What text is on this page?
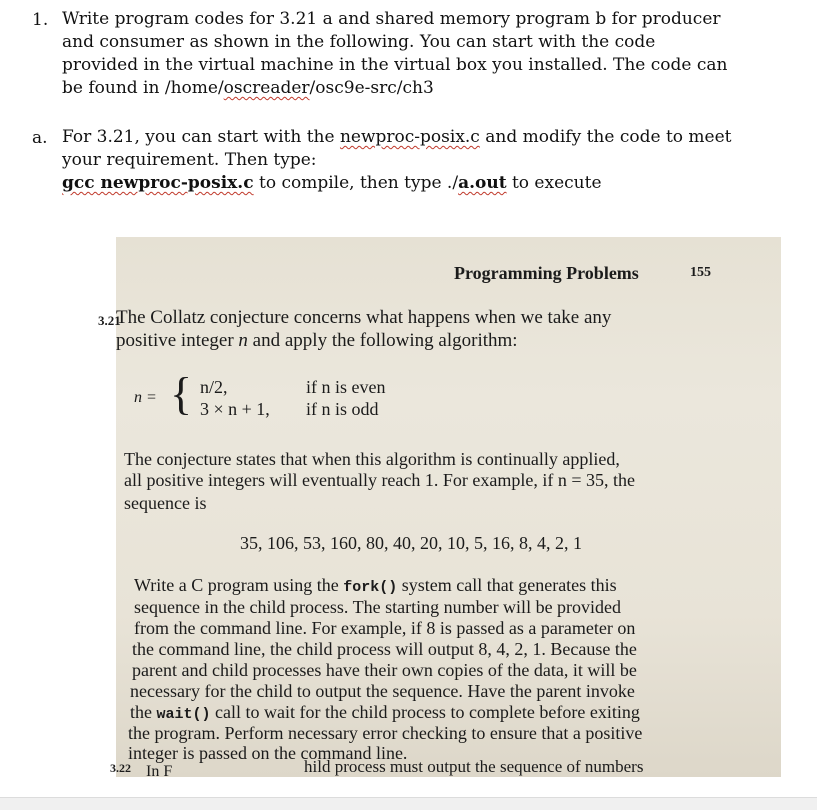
1. Write program codes for 3.21 a and shared memory program b for producer
and consumer as shown in the following. You can start with the code
provided in the virtual machine in the virtual box you installed. The code can
be found in /home/oscreader/osc9e-src/ch3
a. For 3.21, you can start with the newproc-posix.c and modify the code to meet
your requirement. Then type:
gcc newproc-posix.c to compile, then type ./a.out to execute
Programming Problems	155
3.21
The Collatz conjecture concerns what happens when we take any
positive integer n and apply the following algorithm:
n = { n/2,	if n is even
3 × n + 1, if n is odd
The conjecture states that when this algorithm is continually applied,
all positive integers will eventually reach 1. For example, if n = 35, the
sequence is
35, 106, 53, 160, 80, 40, 20, 10, 5, 16, 8, 4, 2, 1
Write a C program using the fork() system call that generates this
sequence in the child process. The starting number will be provided
from the command line. For example, if 8 is passed as a parameter on
the command line, the child process will output 8, 4, 2, 1. Because the
parent and child processes have their own copies of the data, it will be
necessary for the child to output the sequence. Have the parent invoke
the wait() call to wait for the child process to complete before exiting
the program. Perform necessary error checking to ensure that a positive
integer is passed on the command line.
3.22 In F	hild process must output the sequence of numbers
